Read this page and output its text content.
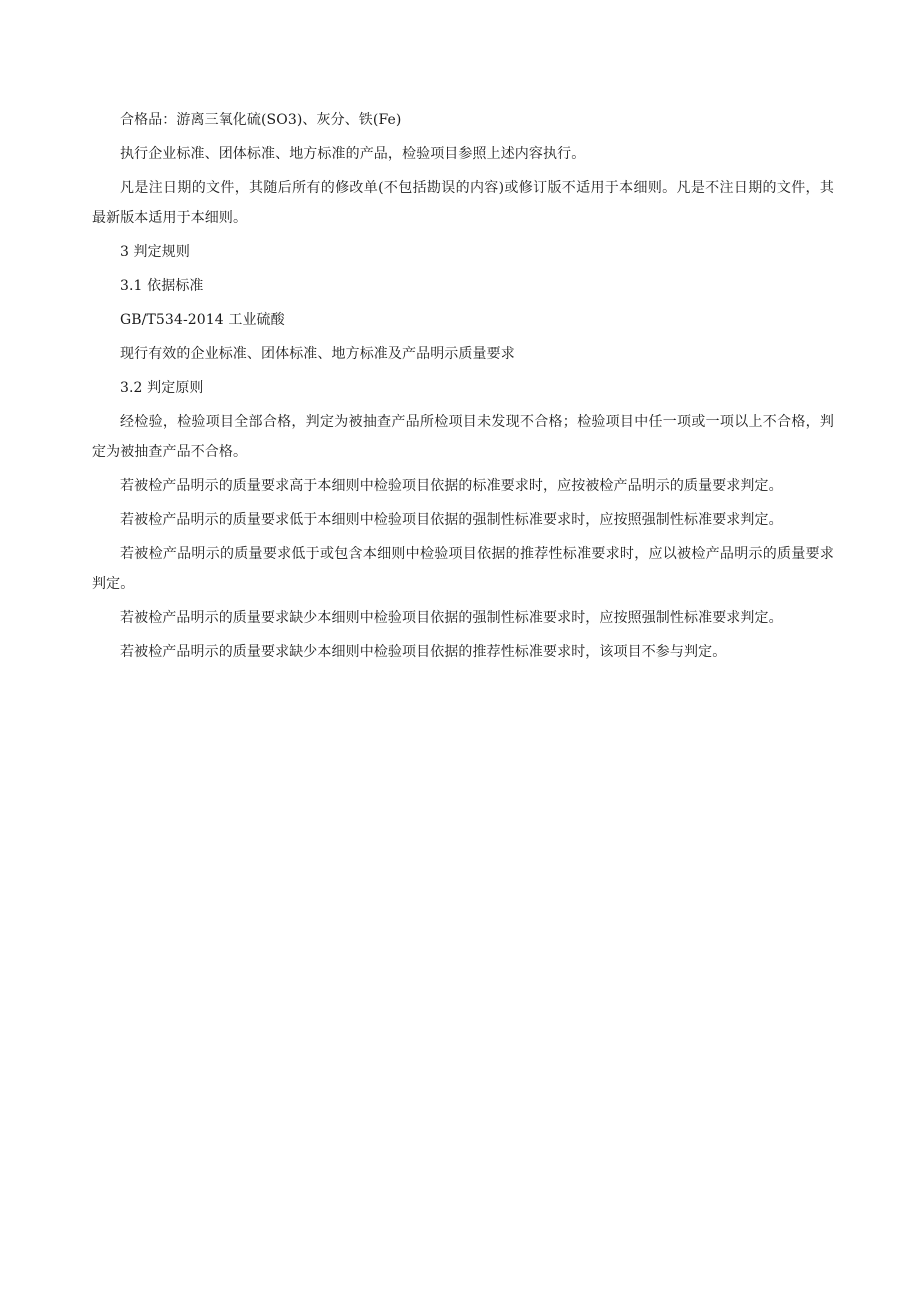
合格品：游离三氧化硫(SO3)、灰分、铁(Fe)

执行企业标准、团体标准、地方标准的产品，检验项目参照上述内容执行。

凡是注日期的文件，其随后所有的修改单(不包括勘误的内容)或修订版不适用于本细则。凡是不注日期的文件，其最新版本适用于本细则。

3 判定规则

3.1 依据标准

GB/T534-2014 工业硫酸

现行有效的企业标准、团体标准、地方标准及产品明示质量要求

3.2 判定原则

经检验，检验项目全部合格，判定为被抽查产品所检项目未发现不合格；检验项目中任一项或一项以上不合格，判定为被抽查产品不合格。

若被检产品明示的质量要求高于本细则中检验项目依据的标准要求时，应按被检产品明示的质量要求判定。

若被检产品明示的质量要求低于本细则中检验项目依据的强制性标准要求时，应按照强制性标准要求判定。

若被检产品明示的质量要求低于或包含本细则中检验项目依据的推荐性标准要求时，应以被检产品明示的质量要求判定。

若被检产品明示的质量要求缺少本细则中检验项目依据的强制性标准要求时，应按照强制性标准要求判定。

若被检产品明示的质量要求缺少本细则中检验项目依据的推荐性标准要求时，该项目不参与判定。
